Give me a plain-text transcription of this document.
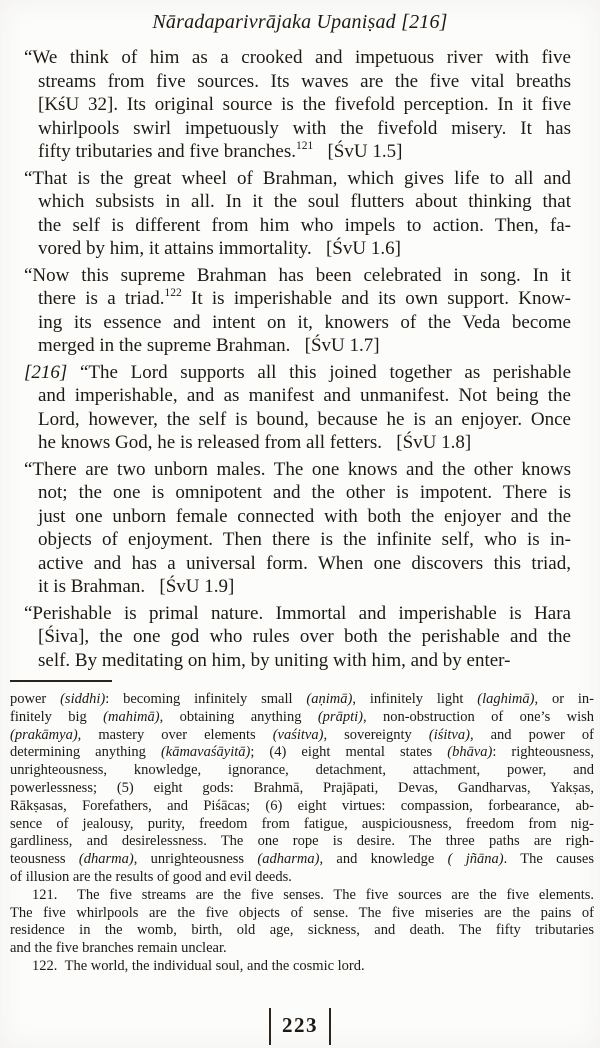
Nāradaparivrājaka Upaniṣad [216]
“We think of him as a crooked and impetuous river with five
streams from five sources. Its waves are the five vital breaths
[KśU 32]. Its original source is the fivefold perception. In it five
whirlpools swirl impetuously with the fivefold misery. It has
fifty tributaries and five branches.$^{121}$   [ŚvU 1.5]
“That is the great wheel of Brahman, which gives life to all and
which subsists in all. In it the soul flutters about thinking that
the self is different from him who impels to action. Then, fa-
vored by him, it attains immortality.   [ŚvU 1.6]
“Now this supreme Brahman has been celebrated in song. In it
there is a triad.$^{122}$ It is imperishable and its own support. Know-
ing its essence and intent on it, knowers of the Veda become
merged in the supreme Brahman.   [ŚvU 1.7]
[216] “The Lord supports all this joined together as perishable
and imperishable, and as manifest and unmanifest. Not being the
Lord, however, the self is bound, because he is an enjoyer. Once
he knows God, he is released from all fetters.   [ŚvU 1.8]
“There are two unborn males. The one knows and the other knows
not; the one is omnipotent and the other is impotent. There is
just one unborn female connected with both the enjoyer and the
objects of enjoyment. Then there is the infinite self, who is in-
active and has a universal form. When one discovers this triad,
it is Brahman.   [ŚvU 1.9]
“Perishable is primal nature. Immortal and imperishable is Hara
[Śiva], the one god who rules over both the perishable and the
self. By meditating on him, by uniting with him, and by enter-
power (siddhi): becoming infinitely small (aṇimā), infinitely light (laghimā), or in-
finitely big (mahimā), obtaining anything (prāpti), non-obstruction of one’s wish
(prakāmya), mastery over elements (vaśitva), sovereignty (iśitva), and power of
determining anything (kāmavaśāyitā); (4) eight mental states (bhāva): righteousness,
unrighteousness, knowledge, ignorance, detachment, attachment, power, and
powerlessness; (5) eight gods: Brahmā, Prajāpati, Devas, Gandharvas, Yakṣas,
Rākṣasas, Forefathers, and Piśācas; (6) eight virtues: compassion, forbearance, ab-
sence of jealousy, purity, freedom from fatigue, auspiciousness, freedom from nig-
gardliness, and desirelessness. The one rope is desire. The three paths are righ-
teousness (dharma), unrighteousness (adharma), and knowledge ( jñāna). The causes
of illusion are the results of good and evil deeds.
121.  The five streams are the five senses. The five sources are the five elements.
The five whirlpools are the five objects of sense. The five miseries are the pains of
residence in the womb, birth, old age, sickness, and death. The fifty tributaries
and the five branches remain unclear.
122.  The world, the individual soul, and the cosmic lord.
223
